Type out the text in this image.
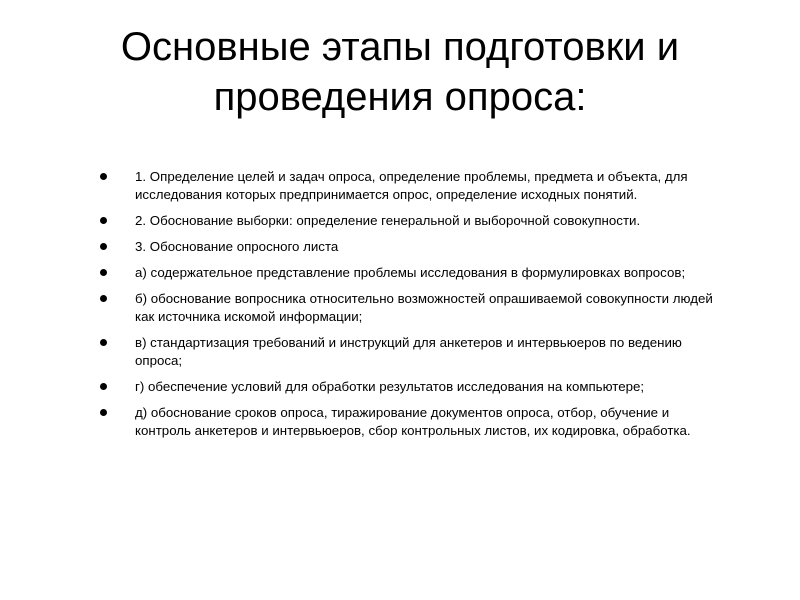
Основные этапы подготовки и проведения опроса:
1. Определение целей и задач опроса, определение проблемы, предмета и объекта, для исследования которых предпринимается опрос, определение исходных понятий.
2. Обоснование выборки: определение генеральной и выборочной совокупности.
3. Обоснование опросного листа
а) содержательное представление проблемы исследования в формулировках вопросов;
б) обоснование вопросника относительно возможностей опрашиваемой совокупности людей как источника искомой информации;
в) стандартизация требований и инструкций для анкетеров и интервьюеров по ведению опроса;
г) обеспечение условий для обработки результатов исследования на компьютере;
д) обоснование сроков опроса, тиражирование документов опроса, отбор, обучение и контроль анкетеров и интервьюеров, сбор контрольных листов, их кодировка, обработка.
